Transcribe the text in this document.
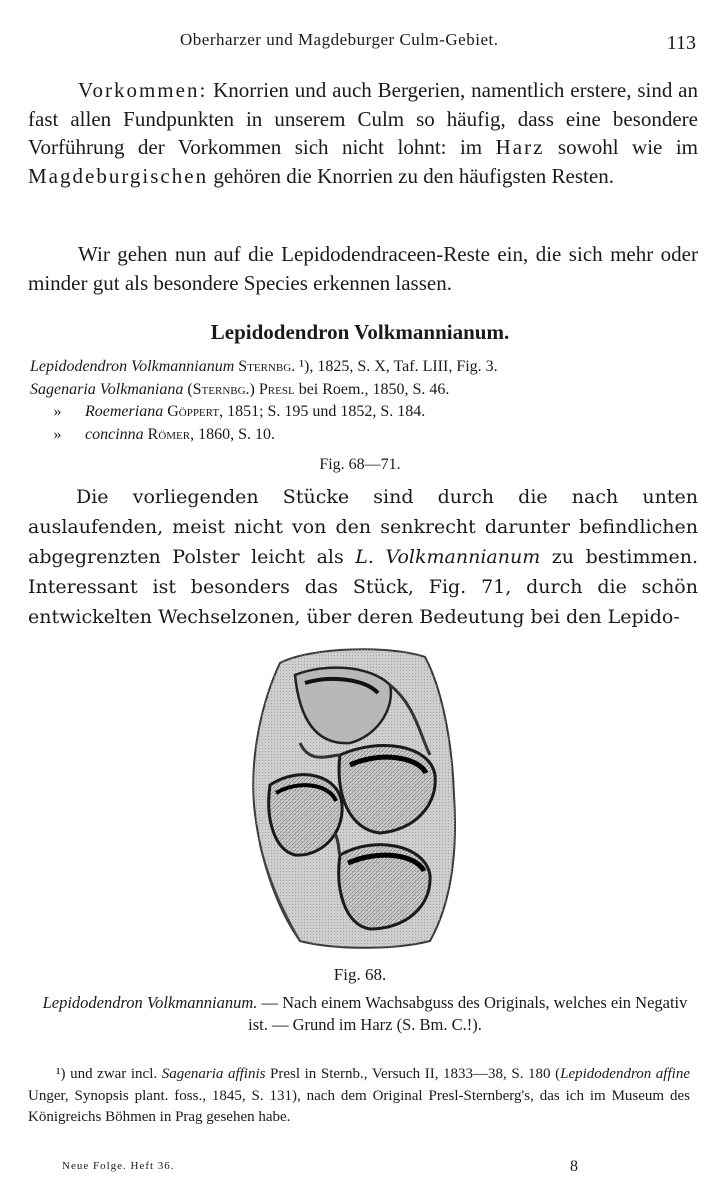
Oberharzer und Magdeburger Culm-Gebiet.	113
Vorkommen: Knorrien und auch Bergerien, namentlich erstere, sind an fast allen Fundpunkten in unserem Culm so häufig, dass eine besondere Vorführung der Vorkommen sich nicht lohnt: im Harz sowohl wie im Magdeburgischen gehören die Knorrien zu den häufigsten Resten.
Wir gehen nun auf die Lepidodendraceen-Reste ein, die sich mehr oder minder gut als besondere Species erkennen lassen.
Lepidodendron Volkmannianum.
Lepidodendron Volkmannianum Sternbg. ¹), 1825, S. X, Taf. LIII, Fig. 3.
Sagenaria Volkmaniana (Sternbg.) Presl bei Roem., 1850, S. 46.
» Roemeriana Göppert, 1851; S. 195 und 1852, S. 184.
» concinna Römer, 1860, S. 10.
Fig. 68—71.
Die vorliegenden Stücke sind durch die nach unten auslaufenden, meist nicht von den senkrecht darunter befindlichen abgegrenzten Polster leicht als L. Volkmannianum zu bestimmen. Interessant ist besonders das Stück, Fig. 71, durch die schön entwickelten Wechselzonen, über deren Bedeutung bei den Lepido-
Fig. 68.
Lepidodendron Volkmannianum. — Nach einem Wachsabguss des Originals, welches ein Negativ ist. — Grund im Harz (S. Bm. C.!).
¹) und zwar incl. Sagenaria affinis Presl in Sternb., Versuch II, 1833—38, S. 180 (Lepidodendron affine Unger, Synopsis plant. foss., 1845, S. 131), nach dem Original Presl-Sternberg's, das ich im Museum des Königreichs Böhmen in Prag gesehen habe.
Neue Folge. Heft 36.	8
